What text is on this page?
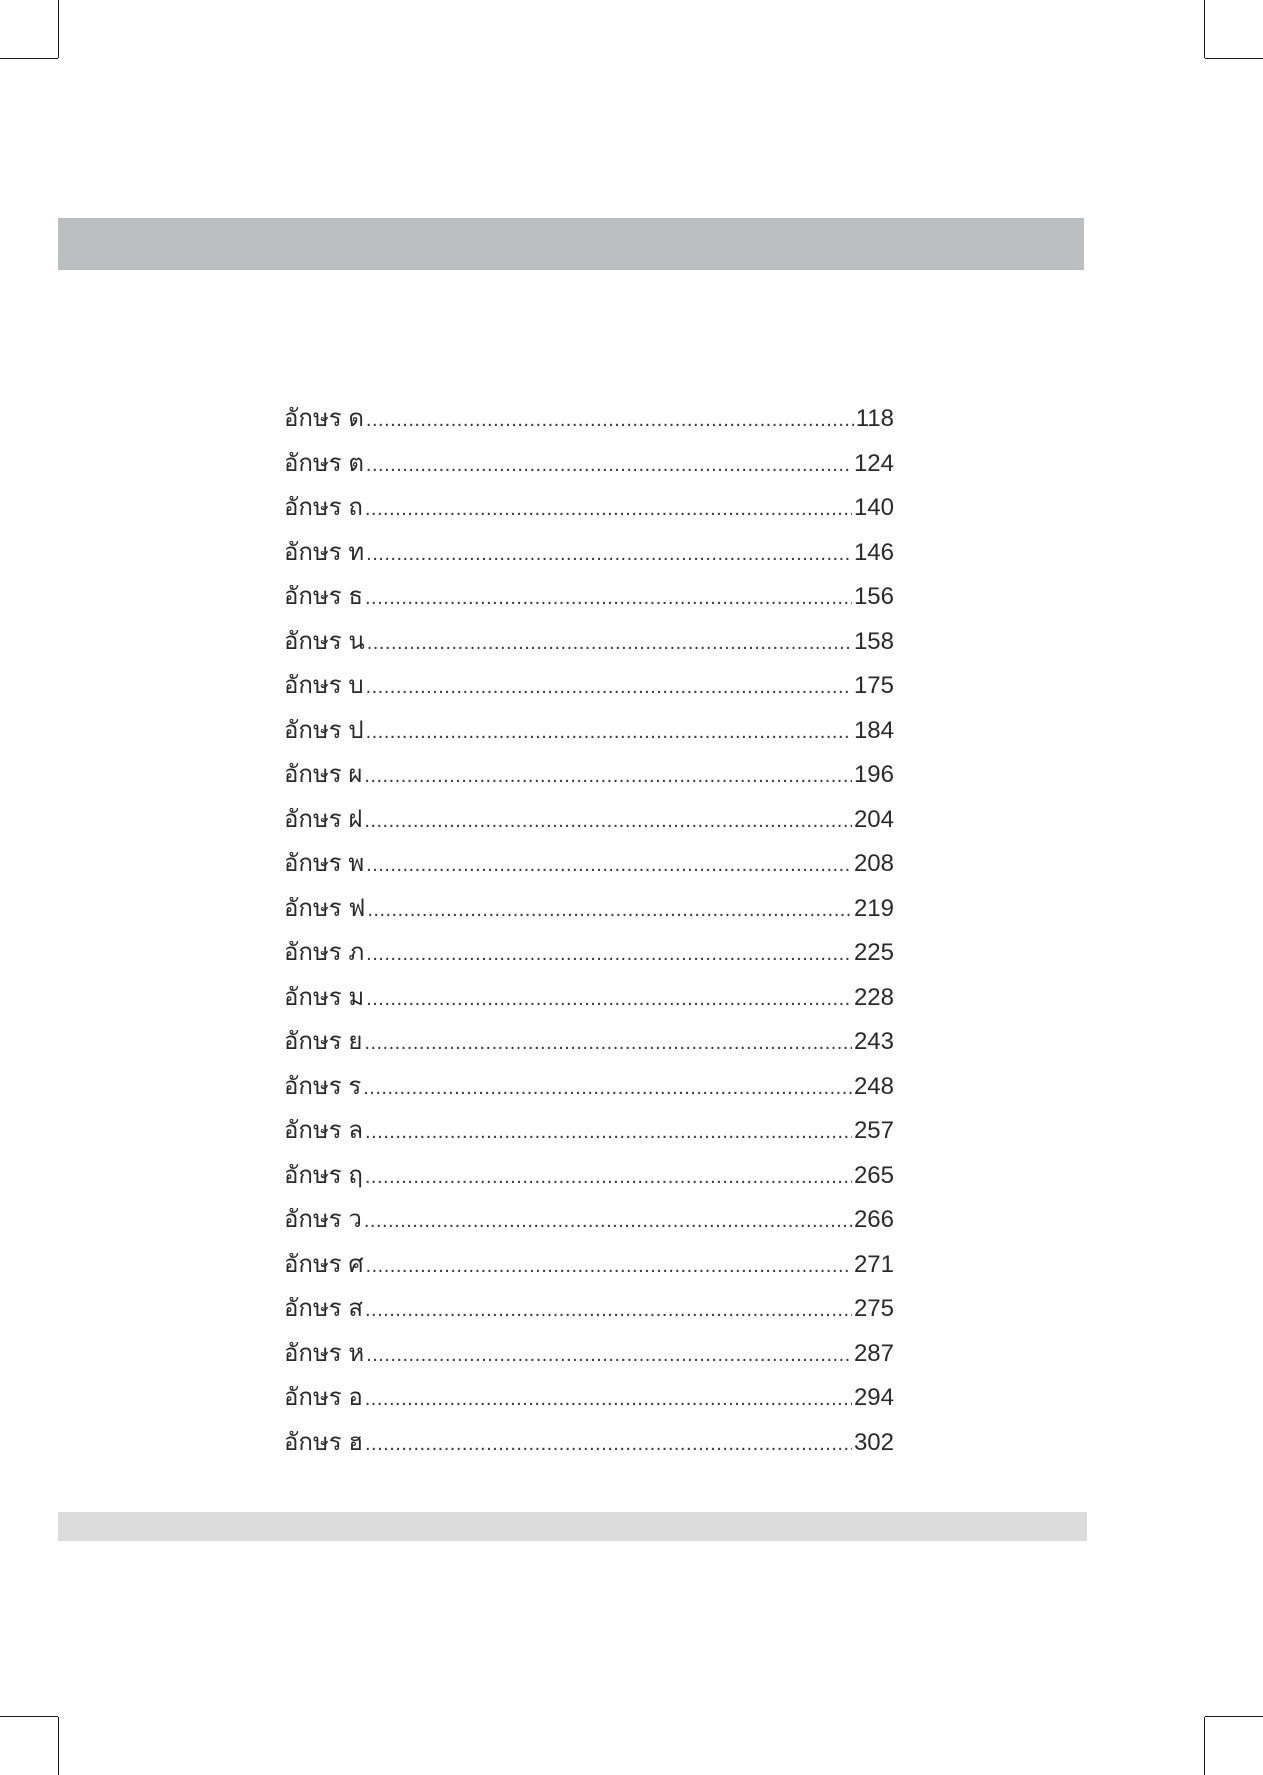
อักษร ด .....	118
อักษร ต .....	124
อักษร ถ .....	140
อักษร ท .....	146
อักษร ธ .....	156
อักษร น .....	158
อักษร บ .....	175
อักษร ป .....	184
อักษร ผ .....	196
อักษร ฝ .....	204
อักษร พ .....	208
อักษร ฟ .....	219
อักษร ภ .....	225
อักษร ม .....	228
อักษร ย .....	243
อักษร ร .....	248
อักษร ล .....	257
อักษร ฤ .....	265
อักษร ว .....	266
อักษร ศ .....	271
อักษร ส .....	275
อักษร ห .....	287
อักษร อ .....	294
อักษร ฮ .....	302
